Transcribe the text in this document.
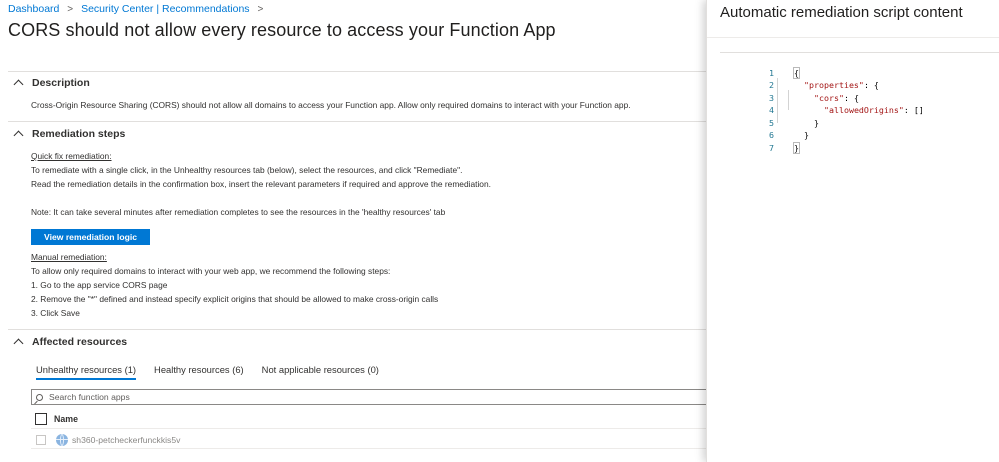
Dashboard > Security Center | Recommendations >
CORS should not allow every resource to access your Function App
Description
Cross-Origin Resource Sharing (CORS) should not allow all domains to access your Function app. Allow only required domains to interact with your Function app.
Remediation steps
Quick fix remediation:
To remediate with a single click, in the Unhealthy resources tab (below), select the resources, and click "Remediate".
Read the remediation details in the confirmation box, insert the relevant parameters if required and approve the remediation.
Note: It can take several minutes after remediation completes to see the resources in the 'healthy resources' tab
View remediation logic
Manual remediation:
To allow only required domains to interact with your web app, we recommend the following steps:
1. Go to the app service CORS page
2. Remove the "*" defined and instead specify explicit origins that should be allowed to make cross-origin calls
3. Click Save
Affected resources
Unhealthy resources (1) Healthy resources (6) Not applicable resources (0)
Search function apps
Name
sh360-petcheckerfunckkis5v
Automatic remediation script content

1 {

2	"properties": {

3	"cors": {

4	"allowedOrigins": []

5	}

6	}

7 }
